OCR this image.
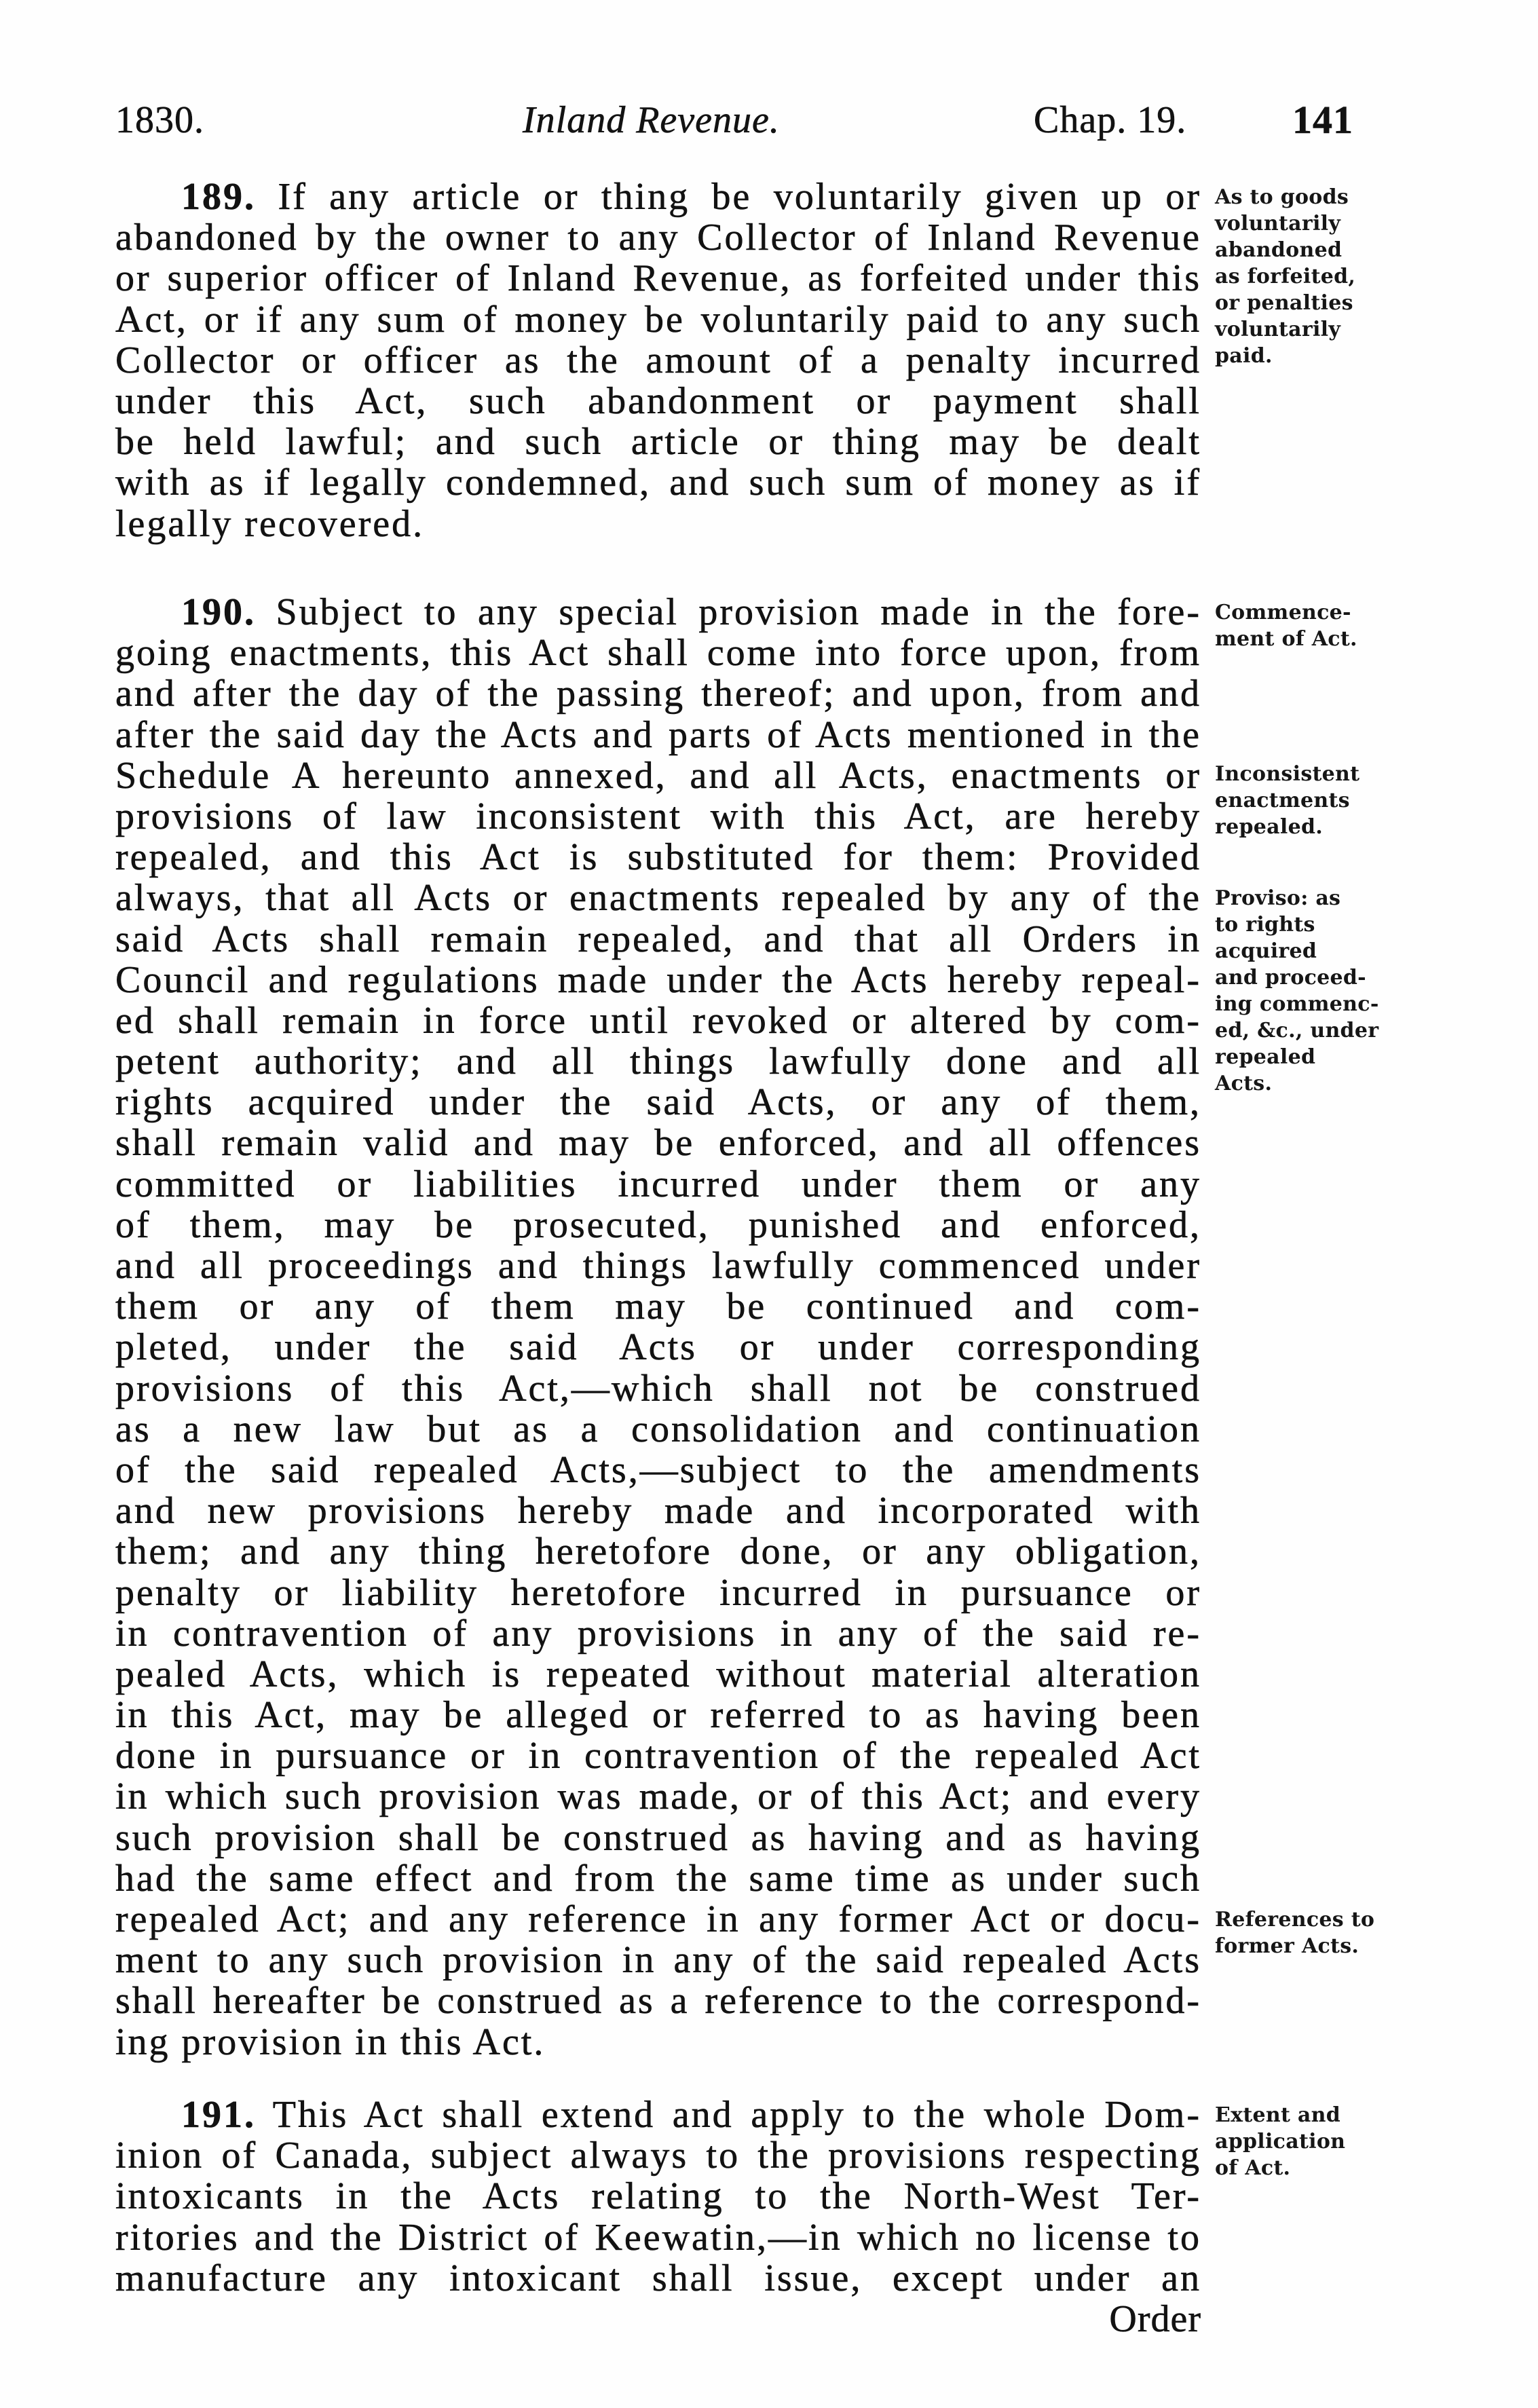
1830.	Inland Revenue.	Chap. 19.	141
189. If any article or thing be voluntarily given up or
abandoned by the owner to any Collector of Inland Revenue
or superior officer of Inland Revenue, as forfeited under this
Act, or if any sum of money be voluntarily paid to any such
Collector or officer as the amount of a penalty incurred
under this Act, such abandonment or payment shall
be held lawful; and such article or thing may be dealt
with as if legally condemned, and such sum of money as if
legally recovered.
As to goods
voluntarily
abandoned
as forfeited,
or penalties
voluntarily
paid.
190. Subject to any special provision made in the fore-
going enactments, this Act shall come into force upon, from
and after the day of the passing thereof; and upon, from and
after the said day the Acts and parts of Acts mentioned in the
Schedule A hereunto annexed, and all Acts, enactments or
provisions of law inconsistent with this Act, are hereby
repealed, and this Act is substituted for them: Provided
always, that all Acts or enactments repealed by any of the
said Acts shall remain repealed, and that all Orders in
Council and regulations made under the Acts hereby repeal-
ed shall remain in force until revoked or altered by com-
petent authority; and all things lawfully done and all
rights acquired under the said Acts, or any of them,
shall remain valid and may be enforced, and all offences
committed or liabilities incurred under them or any
of them, may be prosecuted, punished and enforced,
and all proceedings and things lawfully commenced under
them or any of them may be continued and com-
pleted, under the said Acts or under corresponding
provisions of this Act,—which shall not be construed
as a new law but as a consolidation and continuation
of the said repealed Acts,—subject to the amendments
and new provisions hereby made and incorporated with
them; and any thing heretofore done, or any obligation,
penalty or liability heretofore incurred in pursuance or
in contravention of any provisions in any of the said re-
pealed Acts, which is repeated without material alteration
in this Act, may be alleged or referred to as having been
done in pursuance or in contravention of the repealed Act
in which such provision was made, or of this Act; and every
such provision shall be construed as having and as having
had the same effect and from the same time as under such
repealed Act; and any reference in any former Act or docu-
ment to any such provision in any of the said repealed Acts
shall hereafter be construed as a reference to the correspond-
ing provision in this Act.
Commence-
ment of Act.
Inconsistent
enactments
repealed.
Proviso: as
to rights
acquired
and proceed-
ing commenc-
ed, &c., under
repealed
Acts.
References to
former Acts.
191. This Act shall extend and apply to the whole Dom-
inion of Canada, subject always to the provisions respecting
intoxicants in the Acts relating to the North-West Ter-
ritories and the District of Keewatin,—in which no license to
manufacture any intoxicant shall issue, except under an
Order
Extent and
application
of Act.
